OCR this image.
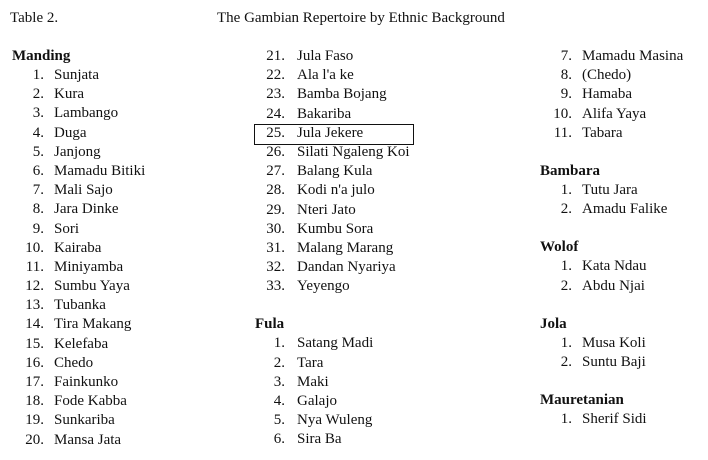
Table 2.	The Gambian Repertoire by Ethnic Background
Manding
1. Sunjata
2. Kura
3. Lambango
4. Duga
5. Janjong
6. Mamadu Bitiki
7. Mali Sajo
8. Jara Dinke
9. Sori
10. Kairaba
11. Miniyamba
12. Sumbu Yaya
13. Tubanka
14. Tira Makang
15. Kelefaba
16. Chedo
17. Fainkunko
18. Fode Kabba
19. Sunkariba
20. Mansa Jata
21. Jula Faso
22. Ala l'a ke
23. Bamba Bojang
24. Bakariba
25. Jula Jekere
26. Silati Ngaleng Koi
27. Balang Kula
28. Kodi n'a julo
29. Nteri Jato
30. Kumbu Sora
31. Malang Marang
32. Dandan Nyariya
33. Yeyengo
Fula
1. Satang Madi
2. Tara
3. Maki
4. Galajo
5. Nya Wuleng
6. Sira Ba
7. Mamadu Masina
8. (Chedo)
9. Hamaba
10. Alifa Yaya
11. Tabara
Bambara
1. Tutu Jara
2. Amadu Falike
Wolof
1. Kata Ndau
2. Abdu Njai
Jola
1. Musa Koli
2. Suntu Baji
Mauretanian
1. Sherif Sidi
